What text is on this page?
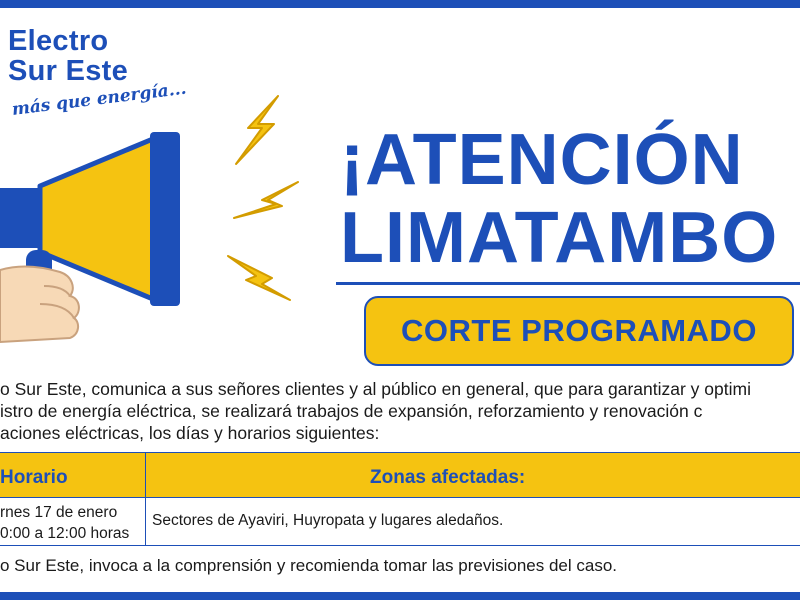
Electro
Sur Este
más que energía...
¡ATENCIÓN
LIMATAMBO
CORTE PROGRAMADO
o Sur Este, comunica a sus señores clientes y al público en general, que para garantizar y optimi
istro de energía eléctrica, se realizará trabajos de expansión, reforzamiento y renovación c
aciones eléctricas, los días y horarios siguientes:
Horario	Zonas afectadas:
rnes 17 de enero
0:00 a 12:00 horas
Sectores de Ayaviri, Huyropata y lugares aledaños.
o Sur Este, invoca a la comprensión y recomienda tomar las previsiones del caso.
